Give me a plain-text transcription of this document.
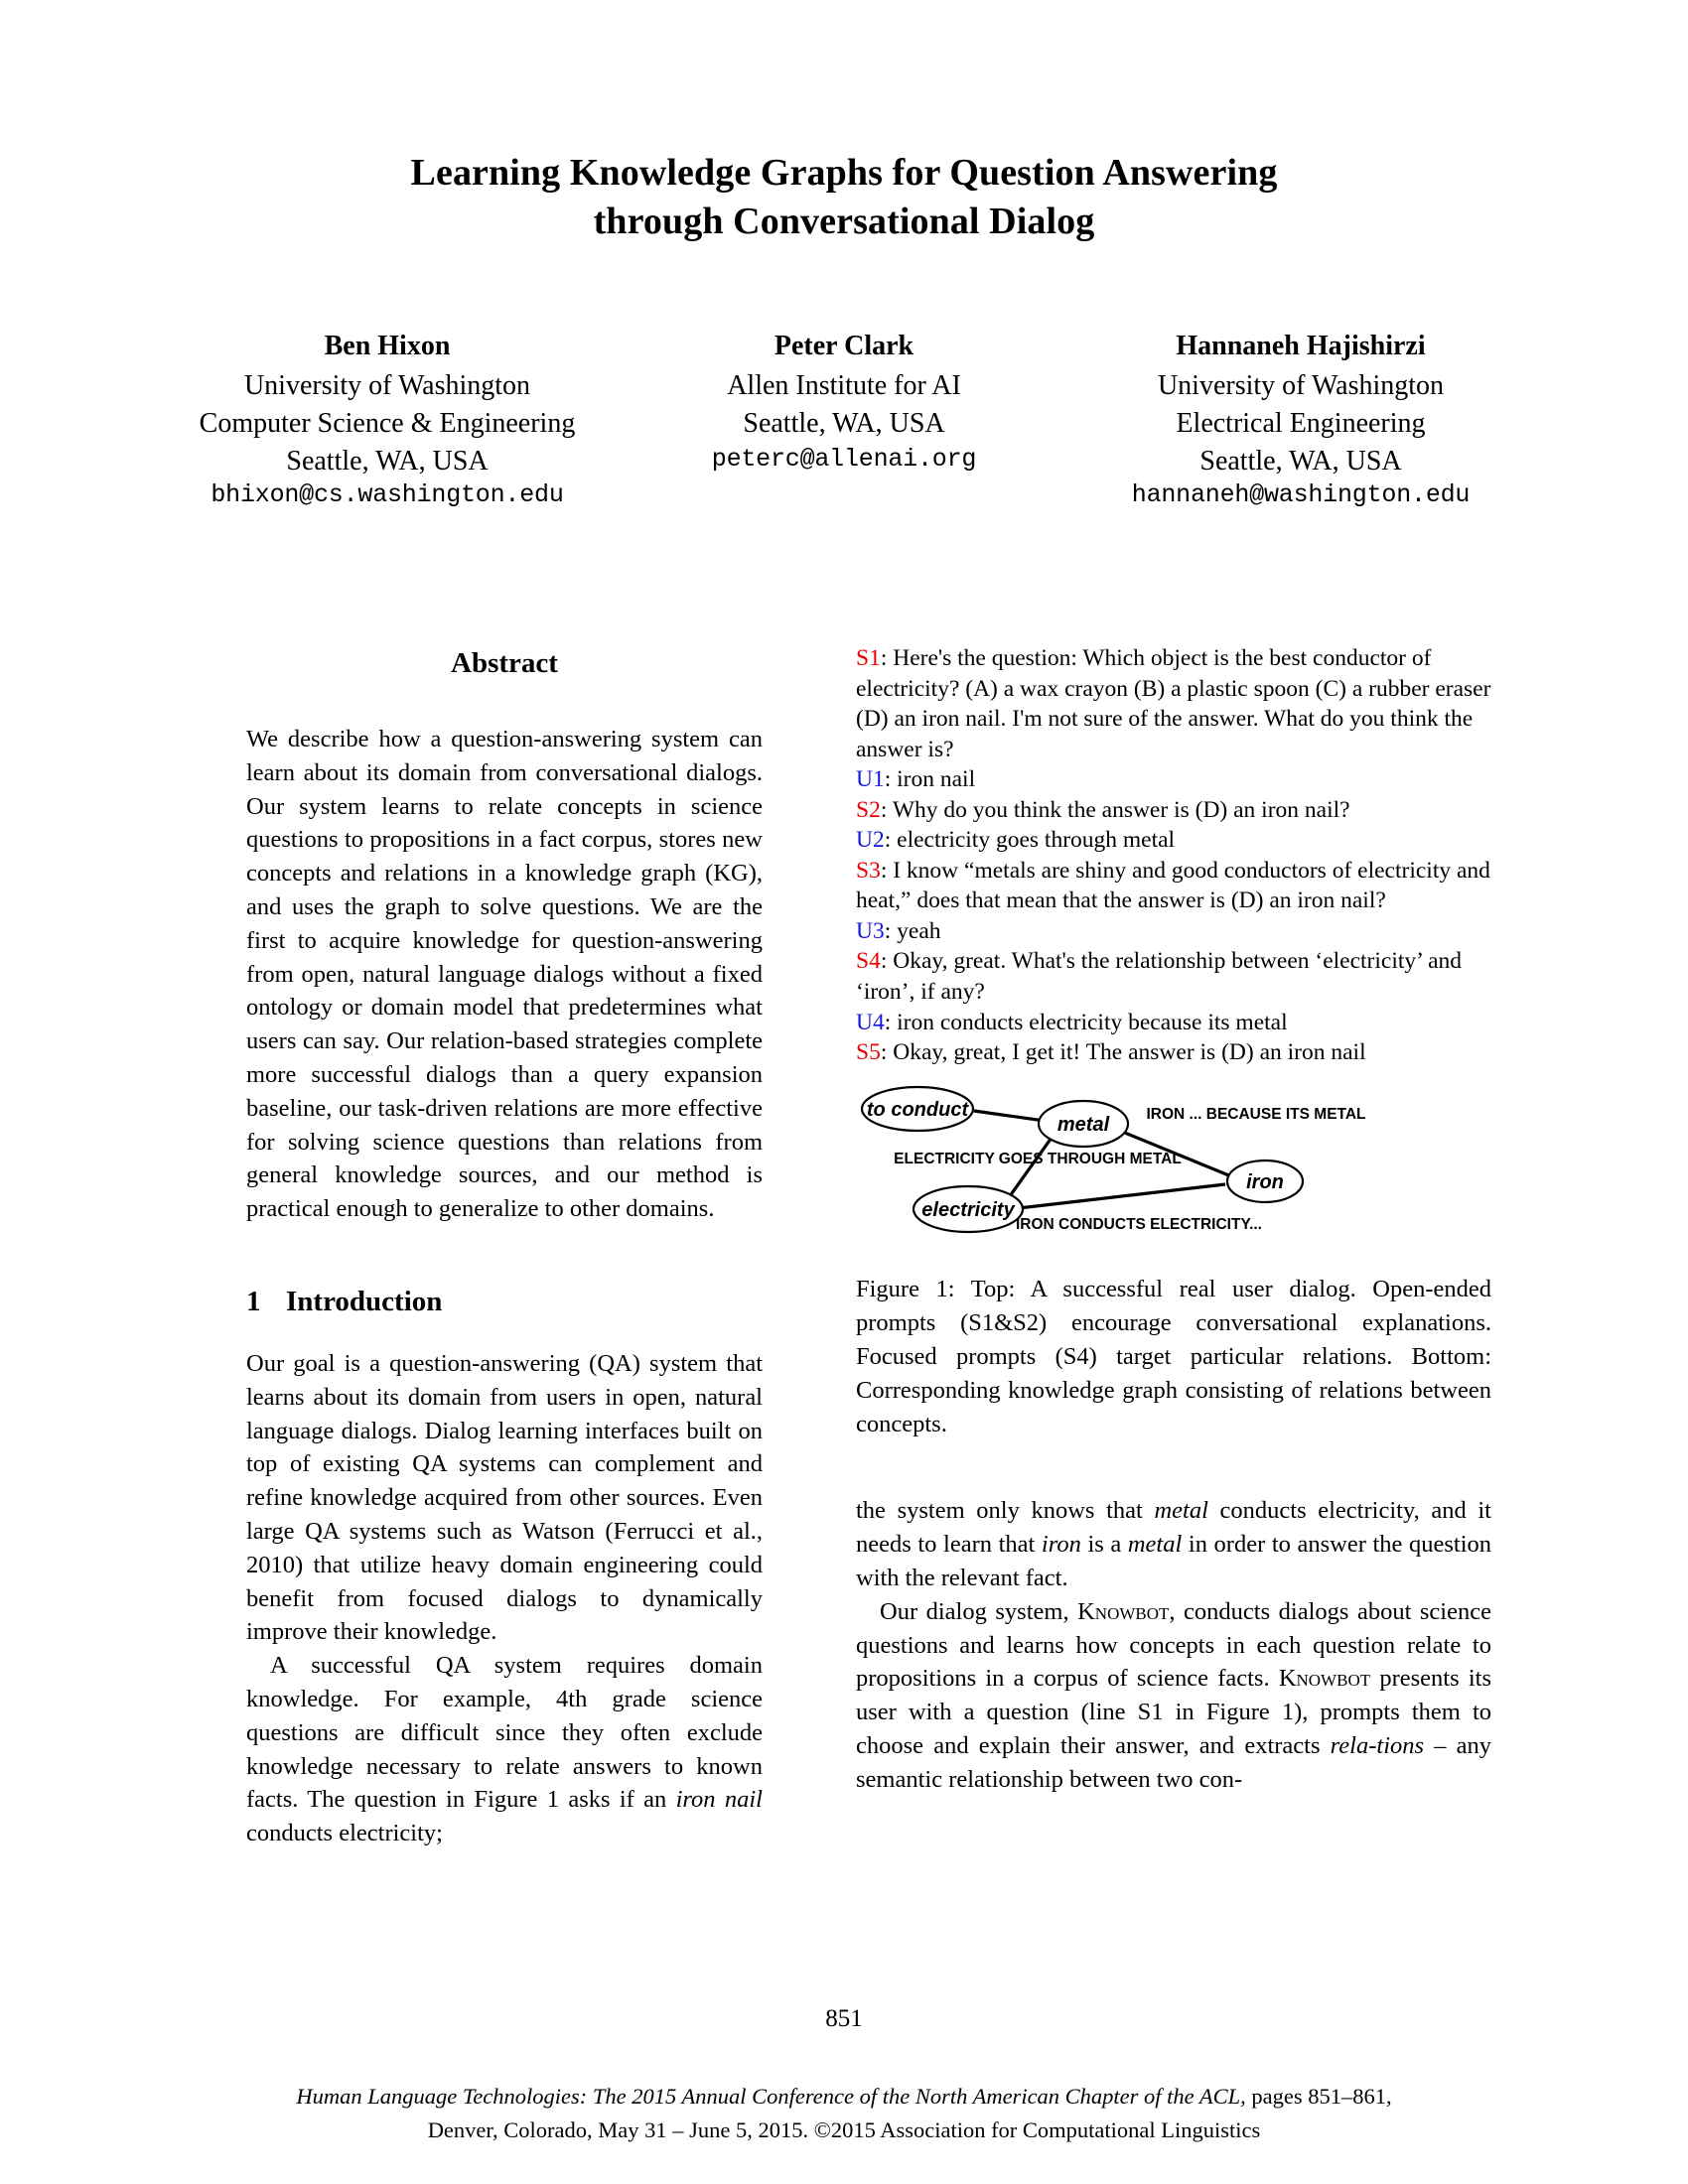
Learning Knowledge Graphs for Question Answering
through Conversational Dialog
Ben Hixon
University of Washington
Computer Science & Engineering
Seattle, WA, USA
bhixon@cs.washington.edu
Peter Clark
Allen Institute for AI
Seattle, WA, USA
peterc@allenai.org
Hannaneh Hajishirzi
University of Washington
Electrical Engineering
Seattle, WA, USA
hannaneh@washington.edu
Abstract
We describe how a question-answering system can learn about its domain from conversational dialogs. Our system learns to relate concepts in science questions to propositions in a fact corpus, stores new concepts and relations in a knowledge graph (KG), and uses the graph to solve questions. We are the first to acquire knowledge for question-answering from open, natural language dialogs without a fixed ontology or domain model that predetermines what users can say. Our relation-based strategies complete more successful dialogs than a query expansion baseline, our task-driven relations are more effective for solving science questions than relations from general knowledge sources, and our method is practical enough to generalize to other domains.
1 Introduction

Our goal is a question-answering (QA) system that learns about its domain from users in open, natural language dialogs. Dialog learning interfaces built on top of existing QA systems can complement and refine knowledge acquired from other sources. Even large QA systems such as Watson (Ferrucci et al., 2010) that utilize heavy domain engineering could benefit from focused dialogs to dynamically improve their knowledge.

A successful QA system requires domain knowledge. For example, 4th grade science questions are difficult since they often exclude knowledge necessary to relate answers to known facts. The question in Figure 1 asks if an iron nail conducts electricity;

S1: Here's the question: Which object is the best conductor of electricity? (A) a wax crayon (B) a plastic spoon (C) a rubber eraser (D) an iron nail. I'm not sure of the answer. What do you think the answer is?

U1: iron nail

S2: Why do you think the answer is (D) an iron nail?

U2: electricity goes through metal

S3: I know “metals are shiny and good conductors of electricity and heat,” does that mean that the answer is (D) an iron nail?

U3: yeah

S4: Okay, great. What's the relationship between ‘electricity’ and ‘iron’, if any?

U4: iron conducts electricity because its metal

S5: Okay, great, I get it! The answer is (D) an iron nail

to conduct
metal
iron
electricity
IRON ... BECAUSE ITS METAL
ELECTRICITY GOES THROUGH METAL
IRON CONDUCTS ELECTRICITY...
Figure 1: Top: A successful real user dialog. Open-ended prompts (S1&S2) encourage conversational explanations. Focused prompts (S4) target particular relations. Bottom: Corresponding knowledge graph consisting of relations between concepts.

the system only knows that metal conducts electricity, and it needs to learn that iron is a metal in order to answer the question with the relevant fact.

Our dialog system, Knowbot, conducts dialogs about science questions and learns how concepts in each question relate to propositions in a corpus of science facts. Knowbot presents its user with a question (line S1 in Figure 1), prompts them to choose and explain their answer, and extracts rela-tions – any semantic relationship between two con-

851
Human Language Technologies: The 2015 Annual Conference of the North American Chapter of the ACL, pages 851–861,
Denver, Colorado, May 31 – June 5, 2015. ©2015 Association for Computational Linguistics
